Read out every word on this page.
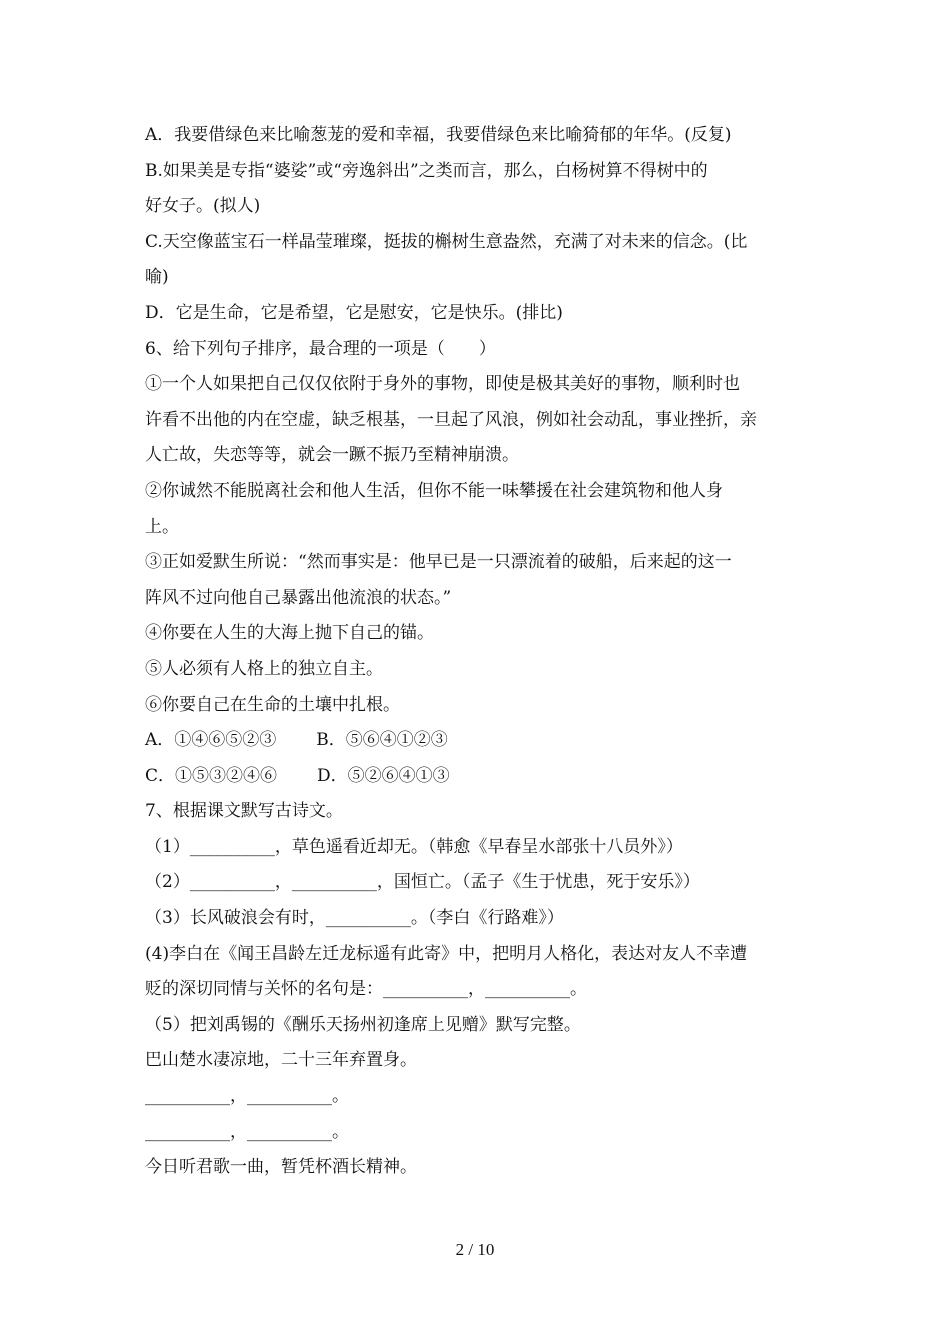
A．我要借绿色来比喻葱茏的爱和幸福，我要借绿色来比喻猗郁的年华。(反复)
B.如果美是专指“婆娑”或“旁逸斜出”之类而言，那么，白杨树算不得树中的
好女子。(拟人)
C.天空像蓝宝石一样晶莹璀璨，挺拔的槲树生意盎然，充满了对未来的信念。(比
喻)
D．它是生命，它是希望，它是慰安，它是快乐。(排比)
6、给下列句子排序，最合理的一项是（　　）
①一个人如果把自己仅仅依附于身外的事物，即使是极其美好的事物，顺利时也
许看不出他的内在空虚，缺乏根基，一旦起了风浪，例如社会动乱，事业挫折，亲
人亡故，失恋等等，就会一蹶不振乃至精神崩溃。
②你诚然不能脱离社会和他人生活，但你不能一味攀援在社会建筑物和他人身
上。
③正如爱默生所说：“然而事实是：他早已是一只漂流着的破船，后来起的这一
阵风不过向他自己暴露出他流浪的状态。”
④你要在人生的大海上抛下自己的锚。
⑤人必须有人格上的独立自主。
⑥你要自己在生命的土壤中扎根。
A．①④⑥⑤②③ B．⑤⑥④①②③
C．①⑤③②④⑥ D．⑤②⑥④①③
7、根据课文默写古诗文。
（1）__________，草色遥看近却无。（韩愈《早春呈水部张十八员外》）
（2）__________，__________，国恒亡。（孟子《生于忧患，死于安乐》）
（3）长风破浪会有时，__________。（李白《行路难》）
(4)李白在《闻王昌龄左迁龙标遥有此寄》中，把明月人格化，表达对友人不幸遭
贬的深切同情与关怀的名句是：__________，__________。
（5）把刘禹锡的《酬乐天扬州初逢席上见赠》默写完整。
巴山楚水凄凉地，二十三年弃置身。
__________，__________。
__________，__________。
今日听君歌一曲，暂凭杯酒长精神。
2 / 10
